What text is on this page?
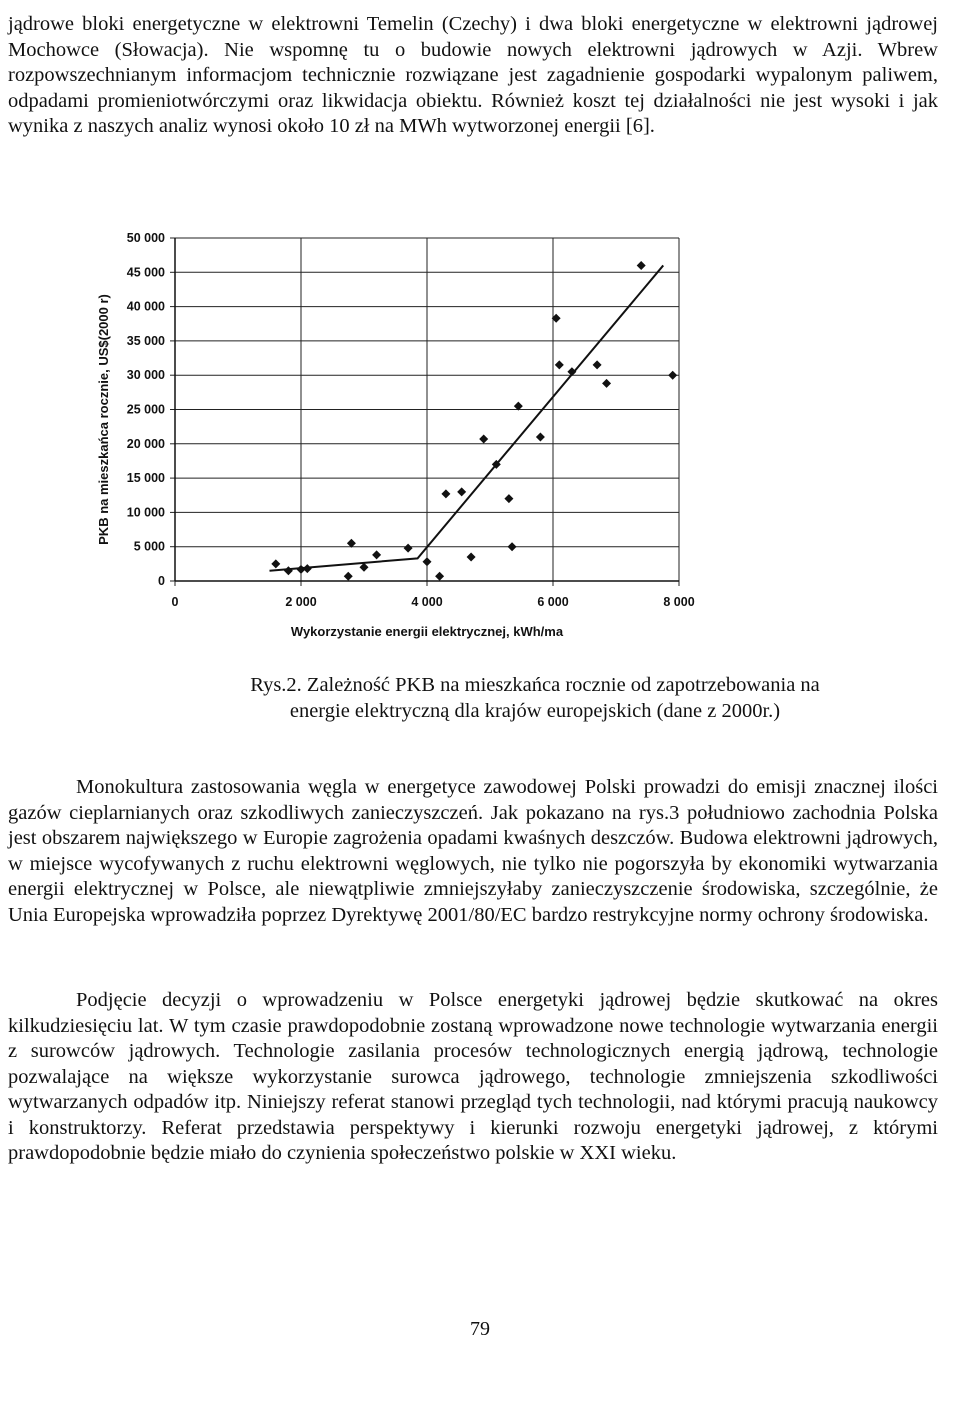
jądrowe bloki energetyczne w elektrowni Temelin (Czechy) i dwa bloki energetyczne w elektrowni jądrowej Mochowce (Słowacja). Nie wspomnę tu o budowie nowych elektrowni jądrowych w Azji. Wbrew rozpowszechnianym informacjom technicznie rozwiązane jest zagadnienie gospodarki wypalonym paliwem, odpadami promieniotwórczymi oraz likwidacja obiektu. Również koszt tej działalności nie jest wysoki i jak wynika z naszych analiz wynosi około 10 zł na MWh wytworzonej energii [6].

0
5 000
10 000
15 000
20 000
25 000
30 000
35 000
40 000
45 000
50 000
0	2 000	4 000	6 000	8 000
Wykorzystanie energii elektrycznej, kWh/ma
PKB na mieszkańca rocznie, US$(2000 r)

Rys.2. Zależność PKB na mieszkańca rocznie od zapotrzebowania na energie elektryczną dla krajów europejskich (dane z 2000r.)

Monokultura zastosowania węgla w energetyce zawodowej Polski prowadzi do emisji znacznej ilości gazów cieplarnianych oraz szkodliwych zanieczyszczeń. Jak pokazano na rys.3 południowo zachodnia Polska jest obszarem największego w Europie zagrożenia opadami kwaśnych deszczów. Budowa elektrowni jądrowych, w miejsce wycofywanych z ruchu elektrowni węglowych, nie tylko nie pogorszyła by ekonomiki wytwarzania energii elektrycznej w Polsce, ale niewątpliwie zmniejszyłaby zanieczyszczenie środowiska, szczególnie, że Unia Europejska wprowadziła poprzez Dyrektywę 2001/80/EC bardzo restrykcyjne normy ochrony środowiska.

Podjęcie decyzji o wprowadzeniu w Polsce energetyki jądrowej będzie skutkować na okres kilkudziesięciu lat. W tym czasie prawdopodobnie zostaną wprowadzone nowe technologie wytwarzania energii z surowców jądrowych. Technologie zasilania procesów technologicznych energią jądrową, technologie pozwalające na większe wykorzystanie surowca jądrowego, technologie zmniejszenia szkodliwości wytwarzanych odpadów itp. Niniejszy referat stanowi przegląd tych technologii, nad którymi pracują naukowcy i konstruktorzy. Referat przedstawia perspektywy i kierunki rozwoju energetyki jądrowej, z którymi prawdopodobnie będzie miało do czynienia społeczeństwo polskie w XXI wieku.

79
